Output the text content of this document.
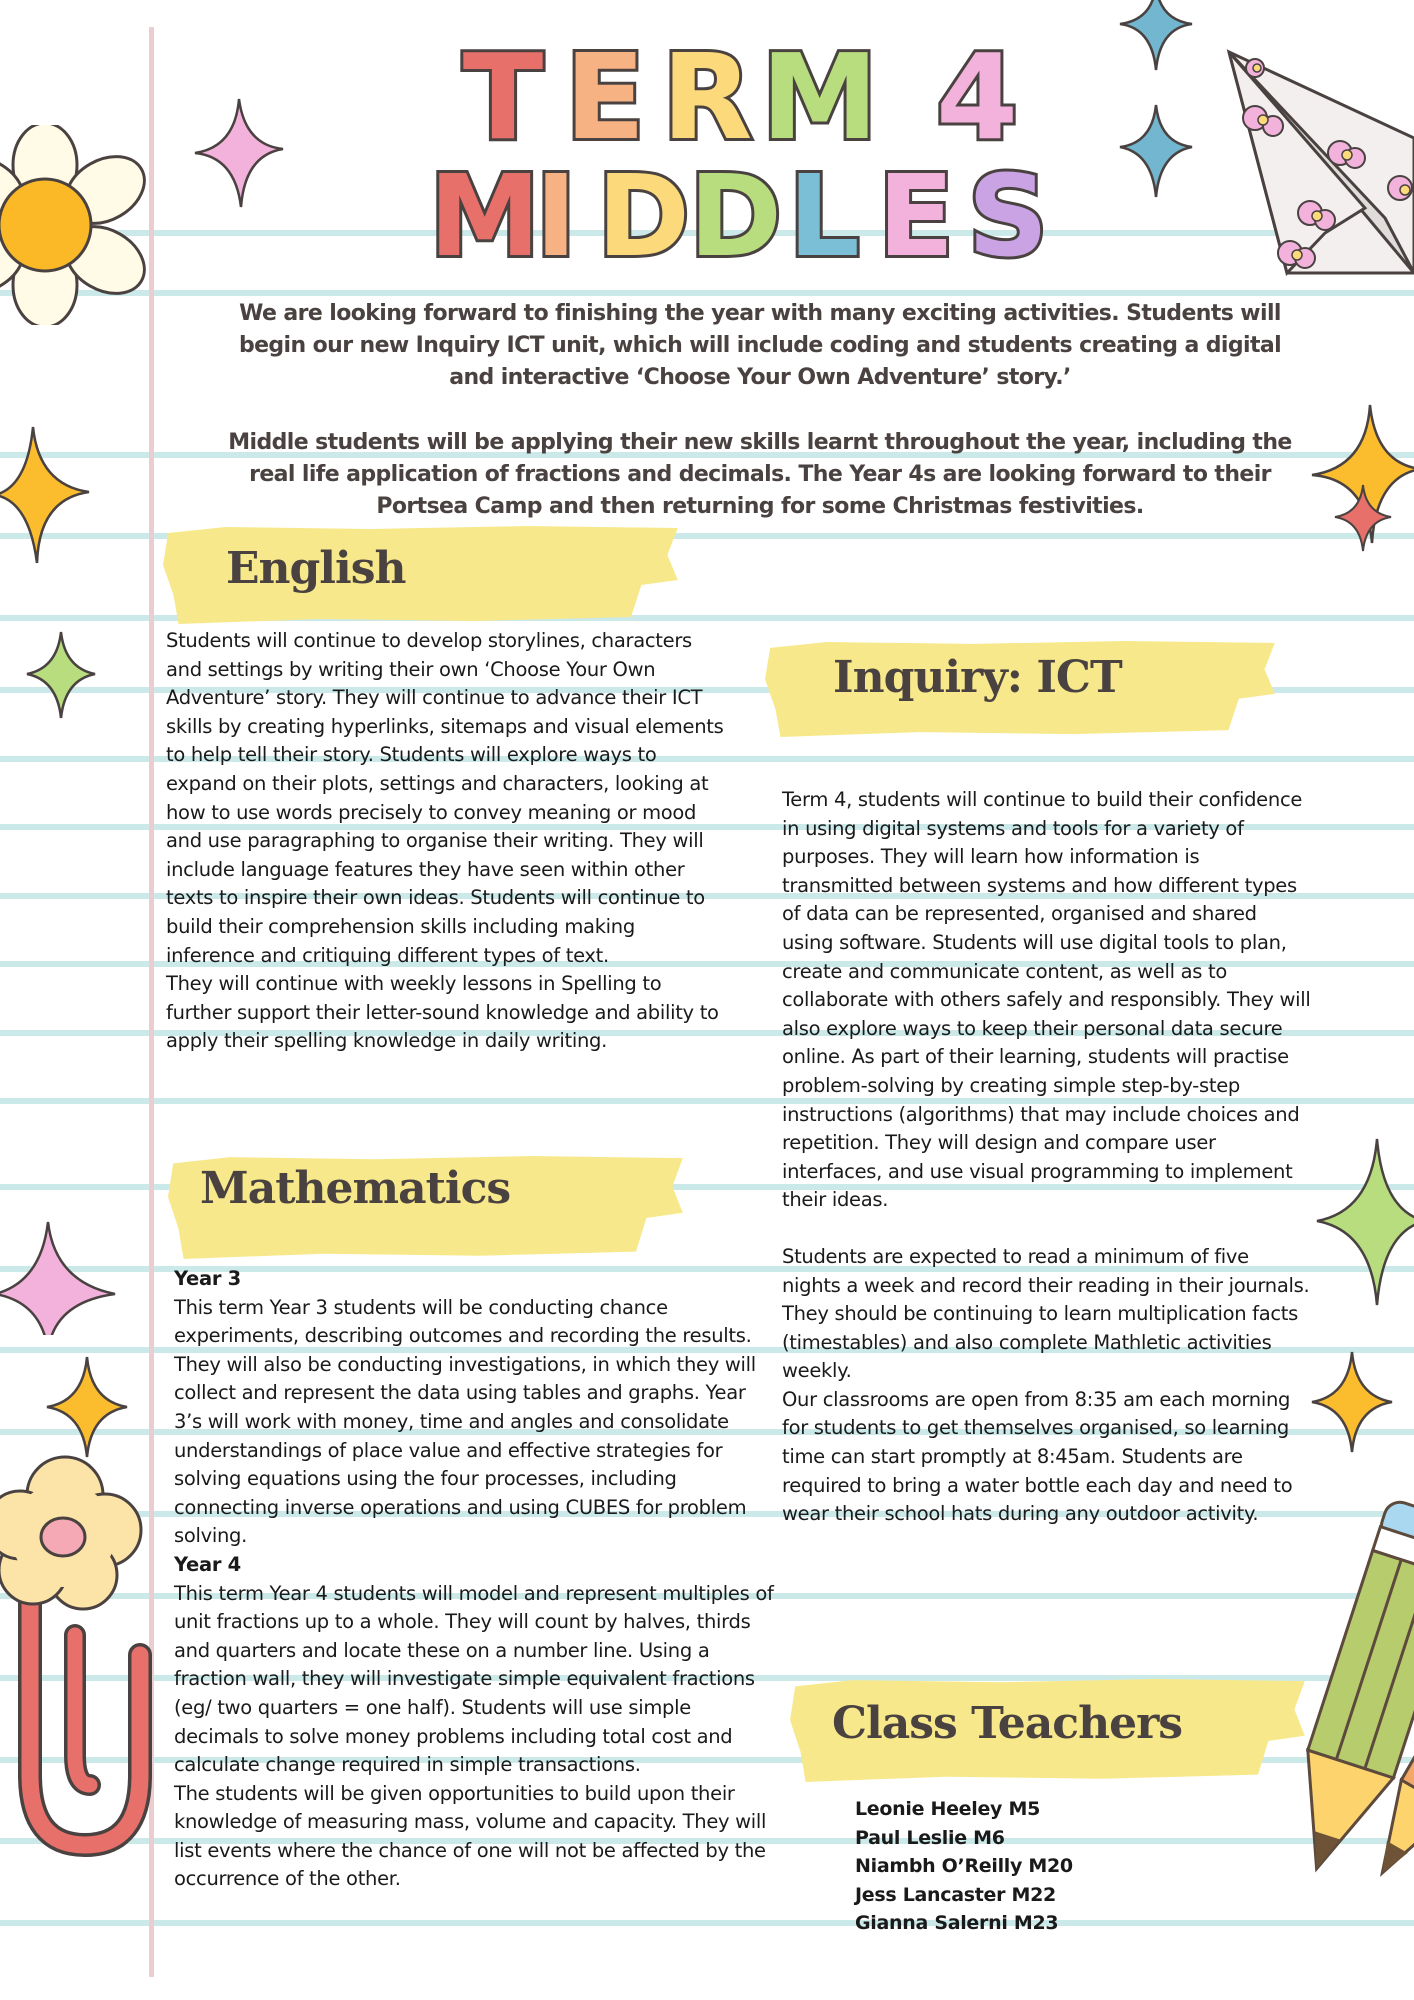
T E R M 4
M
I D D L E S

We are looking forward to finishing the year with many exciting activities. Students will begin our new Inquiry ICT unit, which will include coding and students creating a digital and interactive ‘Choose Your Own Adventure’ story.’

Middle students will be applying their new skills learnt throughout the year, including the real life application of fractions and decimals. The Year 4s are looking forward to their Portsea Camp and then returning for some Christmas festivities.

English

Students will continue to develop storylines, characters and settings by writing their own ‘Choose Your Own Adventure’ story. They will continue to advance their ICT skills by creating hyperlinks, sitemaps and visual elements to help tell their story. Students will explore ways to expand on their plots, settings and characters, looking at how to use words precisely to convey meaning or mood and use paragraphing to organise their writing. They will include language features they have seen within other texts to inspire their own ideas. Students will continue to build their comprehension skills including making inference and critiquing different types of text.

They will continue with weekly lessons in Spelling to further support their letter-sound knowledge and ability to apply their spelling knowledge in daily writing.

Mathematics

Year 3

This term Year 3 students will be conducting chance experiments, describing outcomes and recording the results. They will also be conducting investigations, in which they will collect and represent the data using tables and graphs. Year 3’s will work with money, time and angles and consolidate understandings of place value and effective strategies for solving equations using the four processes, including connecting inverse operations and using CUBES for problem solving.

Year 4

This term Year 4 students will model and represent multiples of unit fractions up to a whole. They will count by halves, thirds and quarters and locate these on a number line. Using a fraction wall, they will investigate simple equivalent fractions (eg/ two quarters = one half). Students will use simple decimals to solve money problems including total cost and calculate change required in simple transactions.

The students will be given opportunities to build upon their knowledge of measuring mass, volume and capacity. They will list events where the chance of one will not be affected by the occurrence of the other.

Inquiry: ICT

Term 4, students will continue to build their confidence in using digital systems and tools for a variety of purposes. They will learn how information is transmitted between systems and how different types of data can be represented, organised and shared using software. Students will use digital tools to plan, create and communicate content, as well as to collaborate with others safely and responsibly. They will also explore ways to keep their personal data secure online. As part of their learning, students will practise problem-solving by creating simple step-by-step instructions (algorithms) that may include choices and repetition. They will design and compare user interfaces, and use visual programming to implement their ideas.

Students are expected to read a minimum of five nights a week and record their reading in their journals. They should be continuing to learn multiplication facts (timestables) and also complete Mathletic activities weekly.

Our classrooms are open from 8:35 am each morning for students to get themselves organised, so learning time can start promptly at 8:45am. Students are required to bring a water bottle each day and need to wear their school hats during any outdoor activity.

Class Teachers
Leonie Heeley M5
Paul Leslie M6
Niambh O’Reilly M20
Jess Lancaster M22
Gianna Salerni M23
